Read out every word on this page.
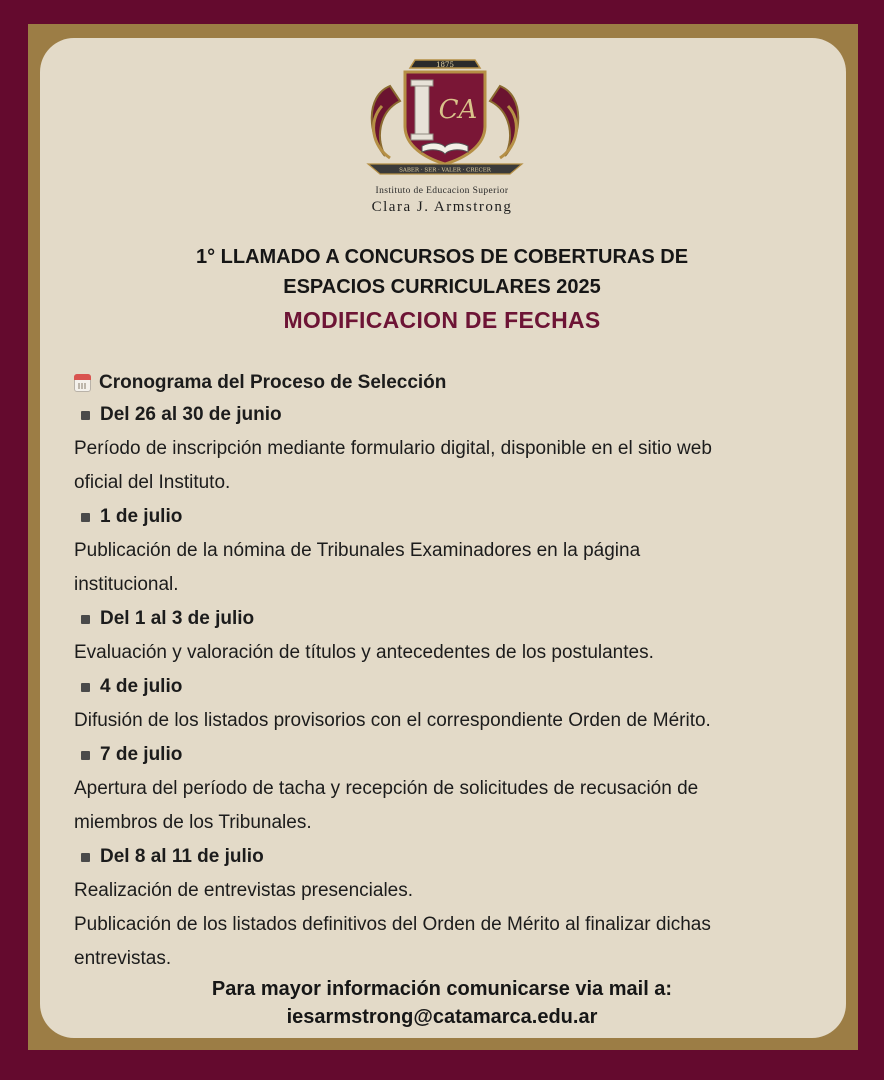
1875
CA
SABER · SER · VALER · CRECER
Instituto de Educacion Superior
Clara J. Armstrong
1° LLAMADO A CONCURSOS DE COBERTURAS DE
ESPACIOS CURRICULARES 2025
MODIFICACION DE FECHAS
Cronograma del Proceso de Selección
Del 26 al 30 de junio
Período de inscripción mediante formulario digital, disponible en el sitio web
oficial del Instituto.
1 de julio
Publicación de la nómina de Tribunales Examinadores en la página
institucional.
Del 1 al 3 de julio
Evaluación y valoración de títulos y antecedentes de los postulantes.
4 de julio
Difusión de los listados provisorios con el correspondiente Orden de Mérito.
7 de julio
Apertura del período de tacha y recepción de solicitudes de recusación de
miembros de los Tribunales.
Del 8 al 11 de julio
Realización de entrevistas presenciales.
Publicación de los listados definitivos del Orden de Mérito al finalizar dichas
entrevistas.
Para mayor información comunicarse via mail a:
iesarmstrong@catamarca.edu.ar
